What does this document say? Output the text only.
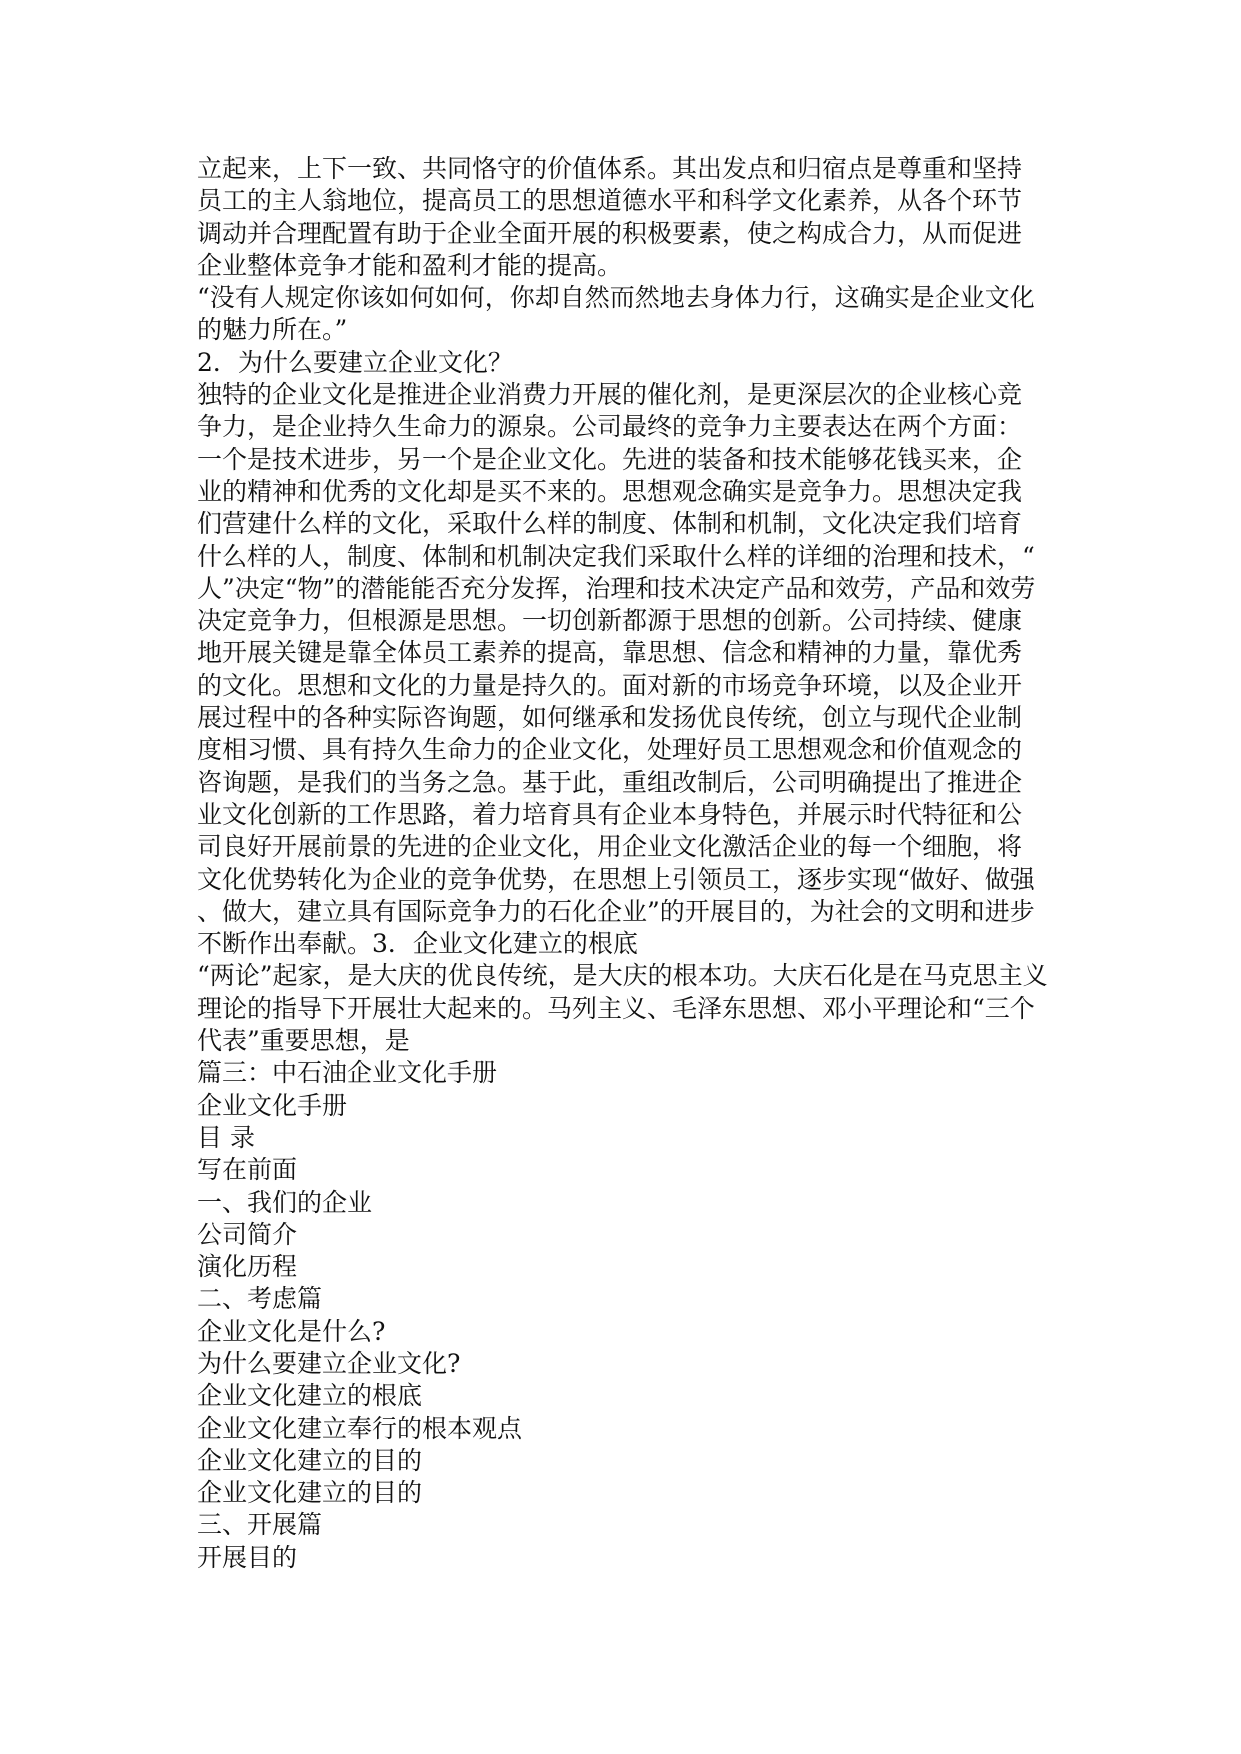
立起来，上下一致、共同恪守的价值体系。其出发点和归宿点是尊重和坚持
员工的主人翁地位，提高员工的思想道德水平和科学文化素养，从各个环节
调动并合理配置有助于企业全面开展的积极要素，使之构成合力，从而促进
企业整体竞争才能和盈利才能的提高。
“没有人规定你该如何如何，你却自然而然地去身体力行，这确实是企业文化
的魅力所在。”
2．为什么要建立企业文化？
独特的企业文化是推进企业消费力开展的催化剂，是更深层次的企业核心竞
争力，是企业持久生命力的源泉。公司最终的竞争力主要表达在两个方面：
一个是技术进步，另一个是企业文化。先进的装备和技术能够花钱买来，企
业的精神和优秀的文化却是买不来的。思想观念确实是竞争力。思想决定我
们营建什么样的文化，采取什么样的制度、体制和机制，文化决定我们培育
什么样的人，制度、体制和机制决定我们采取什么样的详细的治理和技术，“
人”决定“物”的潜能能否充分发挥，治理和技术决定产品和效劳，产品和效劳
决定竞争力，但根源是思想。一切创新都源于思想的创新。公司持续、健康
地开展关键是靠全体员工素养的提高，靠思想、信念和精神的力量，靠优秀
的文化。思想和文化的力量是持久的。面对新的市场竞争环境，以及企业开
展过程中的各种实际咨询题，如何继承和发扬优良传统，创立与现代企业制
度相习惯、具有持久生命力的企业文化，处理好员工思想观念和价值观念的
咨询题，是我们的当务之急。基于此，重组改制后，公司明确提出了推进企
业文化创新的工作思路，着力培育具有企业本身特色，并展示时代特征和公
司良好开展前景的先进的企业文化，用企业文化激活企业的每一个细胞，将
文化优势转化为企业的竞争优势，在思想上引领员工，逐步实现“做好、做强
、做大，建立具有国际竞争力的石化企业”的开展目的，为社会的文明和进步
不断作出奉献。3．企业文化建立的根底
“两论”起家，是大庆的优良传统，是大庆的根本功。大庆石化是在马克思主义
理论的指导下开展壮大起来的。马列主义、毛泽东思想、邓小平理论和“三个
代表”重要思想，是
篇三：中石油企业文化手册
企业文化手册
目 录
写在前面
一、我们的企业
公司简介
演化历程
二、考虑篇
企业文化是什么?
为什么要建立企业文化?
企业文化建立的根底
企业文化建立奉行的根本观点
企业文化建立的目的
企业文化建立的目的
三、开展篇
开展目的
